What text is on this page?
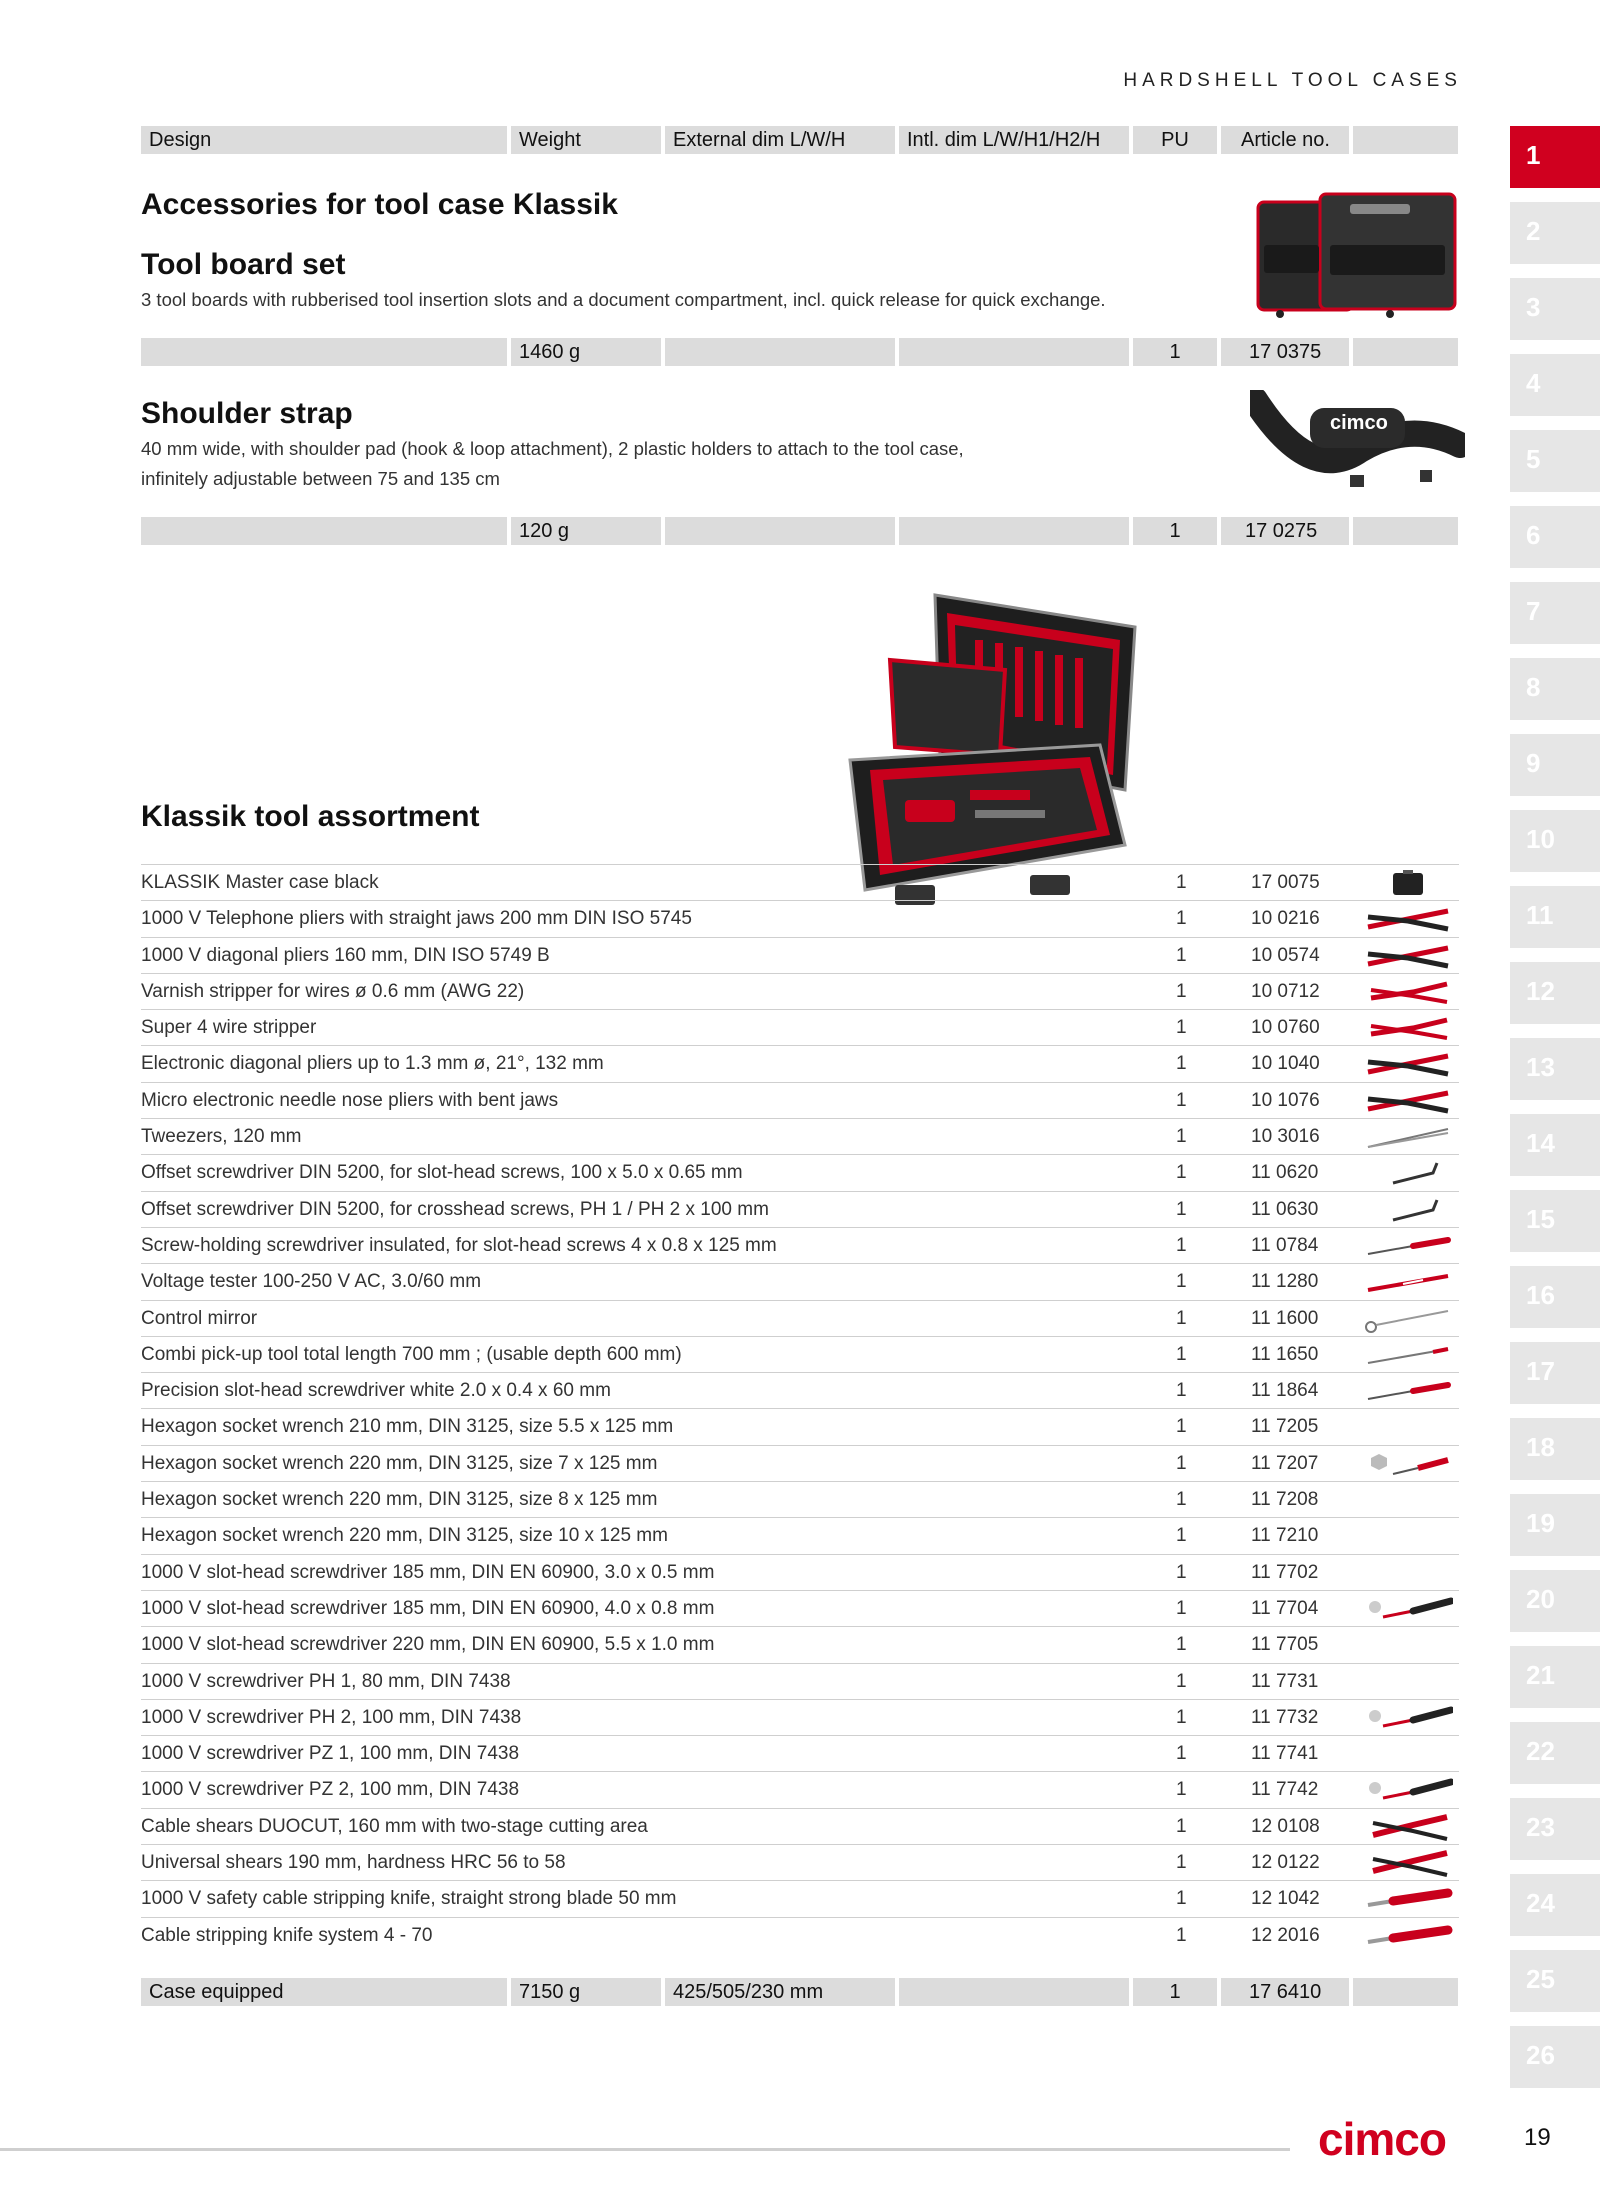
HARDSHELL TOOL CASES
Design	Weight	External dim L/W/H	Intl. dim L/W/H1/H2/H	PU	Article no.
Accessories for tool case Klassik
Tool board set
3 tool boards with rubberised tool insertion slots and a document compartment, incl. quick release for quick exchange.
1460 g	1	17 0375
Shoulder strap
40 mm wide, with shoulder pad (hook & loop attachment), 2 plastic holders to attach to the tool case,
infinitely adjustable between 75 and 135 cm
120 g	1	17 0275
cimco
Klassik tool assortment
KLASSIK Master case black	1	17 0075
1000 V Telephone pliers with straight jaws 200 mm DIN ISO 5745	1	10 0216
1000 V diagonal pliers 160 mm, DIN ISO 5749 B	1	10 0574
Varnish stripper for wires ø 0.6 mm (AWG 22)	1	10 0712
Super 4 wire stripper	1	10 0760
Electronic diagonal pliers up to 1.3 mm ø, 21°, 132 mm	1	10 1040
Micro electronic needle nose pliers with bent jaws	1	10 1076
Tweezers, 120 mm	1	10 3016
Offset screwdriver DIN 5200, for slot-head screws, 100 x 5.0 x 0.65 mm	1	11 0620
Offset screwdriver DIN 5200, for crosshead screws, PH 1 / PH 2 x 100 mm	1	11 0630
Screw-holding screwdriver insulated, for slot-head screws 4 x 0.8 x 125 mm	1	11 0784
Voltage tester 100-250 V AC, 3.0/60 mm	1	11 1280
Control mirror	1	11 1600
Combi pick-up tool total length 700 mm ; (usable depth 600 mm)	1	11 1650
Precision slot-head screwdriver white 2.0 x 0.4 x 60 mm	1	11 1864
Hexagon socket wrench 210 mm, DIN 3125, size 5.5 x 125 mm	1	11 7205
Hexagon socket wrench 220 mm, DIN 3125, size 7 x 125 mm	1	11 7207
Hexagon socket wrench 220 mm, DIN 3125, size 8 x 125 mm	1	11 7208
Hexagon socket wrench 220 mm, DIN 3125, size 10 x 125 mm	1	11 7210
1000 V slot-head screwdriver 185 mm, DIN EN 60900, 3.0 x 0.5 mm	1	11 7702
1000 V slot-head screwdriver 185 mm, DIN EN 60900, 4.0 x 0.8 mm	1	11 7704
1000 V slot-head screwdriver 220 mm, DIN EN 60900, 5.5 x 1.0 mm	1	11 7705
1000 V screwdriver PH 1, 80 mm, DIN 7438	1	11 7731
1000 V screwdriver PH 2, 100 mm, DIN 7438	1	11 7732
1000 V screwdriver PZ 1, 100 mm, DIN 7438	1	11 7741
1000 V screwdriver PZ 2, 100 mm, DIN 7438	1	11 7742
Cable shears DUOCUT, 160 mm with two-stage cutting area	1	12 0108
Universal shears 190 mm, hardness HRC 56 to 58	1	12 0122
1000 V safety cable stripping knife, straight strong blade 50 mm	1	12 1042
Cable stripping knife system 4 - 70	1	12 2016
Case equipped	7150 g	425/505/230 mm	1	17 6410
1
2
3
4
5
6
7
8
9
10
11
12
13
14
15
16
17
18
19
20
21
22
23
24
25
26
cimco	19
